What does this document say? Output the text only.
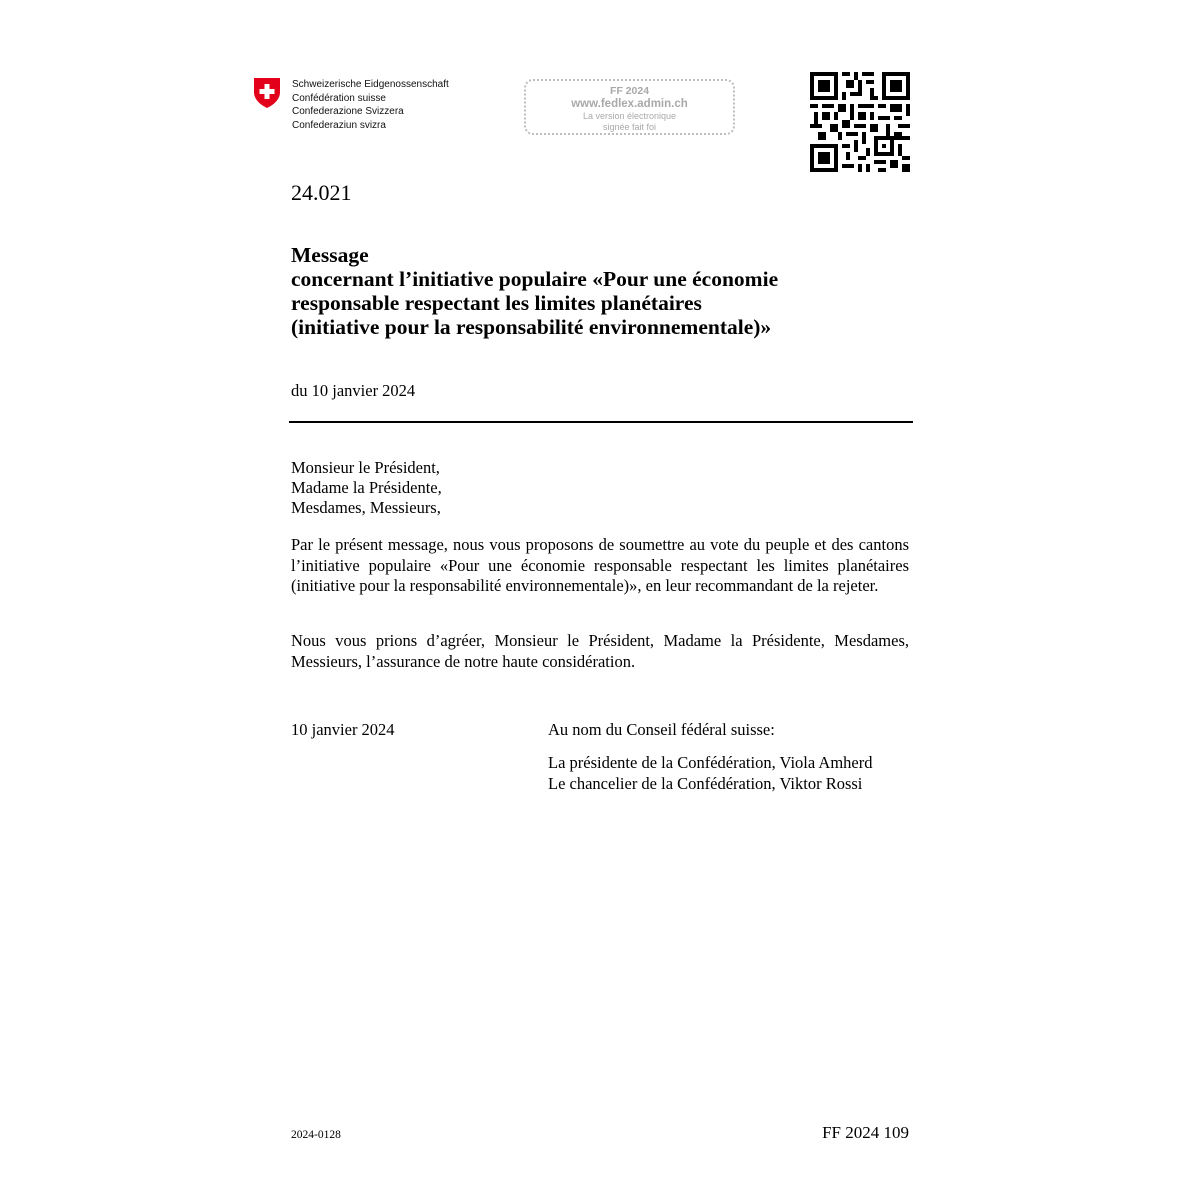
Schweizerische Eidgenossenschaft
Confédération suisse
Confederazione Svizzera
Confederaziun svizra
FF 2024
www.fedlex.admin.ch
La version électronique
signée fait foi
24.021
Message
concernant l’initiative populaire «Pour une économie
responsable respectant les limites planétaires
(initiative pour la responsabilité environnementale)»
du 10 janvier 2024
Monsieur le Président,
Madame la Présidente,
Mesdames, Messieurs,
Par le présent message, nous vous proposons de soumettre au vote du peuple et des cantons l’initiative populaire «Pour une économie responsable respectant les limites planétaires (initiative pour la responsabilité environnementale)», en leur recommandant de la rejeter.
Nous vous prions d’agréer, Monsieur le Président, Madame la Présidente, Mesdames, Messieurs, l’assurance de notre haute considération.
10 janvier 2024	Au nom du Conseil fédéral suisse:
La présidente de la Confédération, Viola Amherd
Le chancelier de la Confédération, Viktor Rossi
2024-0128	FF 2024 109
